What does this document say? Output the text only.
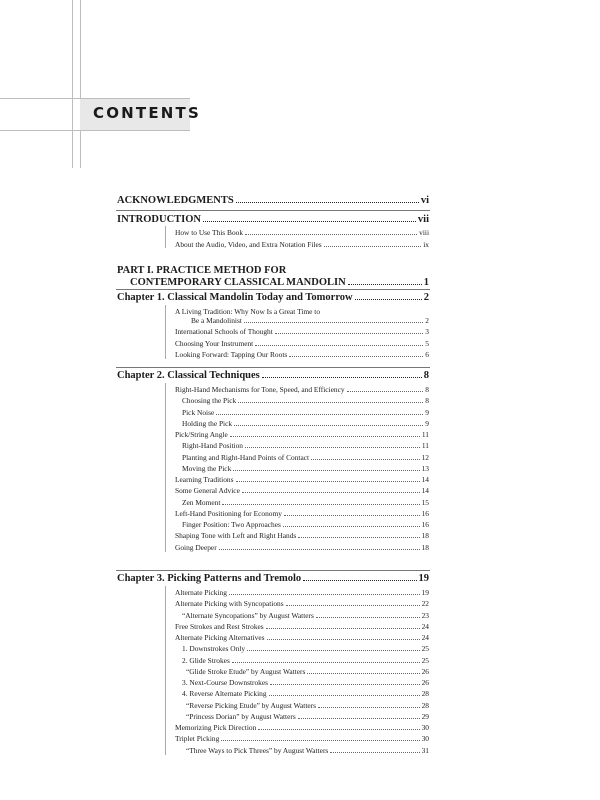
CONTENTS
ACKNOWLEDGMENTS	vi
INTRODUCTION	vii
How to Use This Book	viii
About the Audio, Video, and Extra Notation Files	ix
PART I. PRACTICE METHOD FOR
CONTEMPORARY CLASSICAL MANDOLIN	1
Chapter 1. Classical Mandolin Today and Tomorrow	2
A Living Tradition: Why Now Is a Great Time to
Be a Mandolinist	2
International Schools of Thought	3
Choosing Your Instrument	5
Looking Forward: Tapping Our Roots	6
Chapter 2. Classical Techniques	8
Right-Hand Mechanisms for Tone, Speed, and Efficiency	8
Choosing the Pick	8
Pick Noise	9
Holding the Pick	9
Pick/String Angle	11
Right-Hand Position	11
Planting and Right-Hand Points of Contact	12
Moving the Pick	13
Learning Traditions	14
Some General Advice	14
Zen Moment	15
Left-Hand Positioning for Economy	16
Finger Position: Two Approaches	16
Shaping Tone with Left and Right Hands	18
Going Deeper	18
Chapter 3. Picking Patterns and Tremolo	19
Alternate Picking	19
Alternate Picking with Syncopations	22
“Alternate Syncopations” by August Watters	23
Free Strokes and Rest Strokes	24
Alternate Picking Alternatives	24
1. Downstrokes Only	25
2. Glide Strokes	25
“Glide Stroke Etude” by August Watters	26
3. Next-Course Downstrokes	26
4. Reverse Alternate Picking	28
“Reverse Picking Etude” by August Watters	28
“Princess Dorian” by August Watters	29
Memorizing Pick Direction	30
Triplet Picking	30
“Three Ways to Pick Threes” by August Watters	31
